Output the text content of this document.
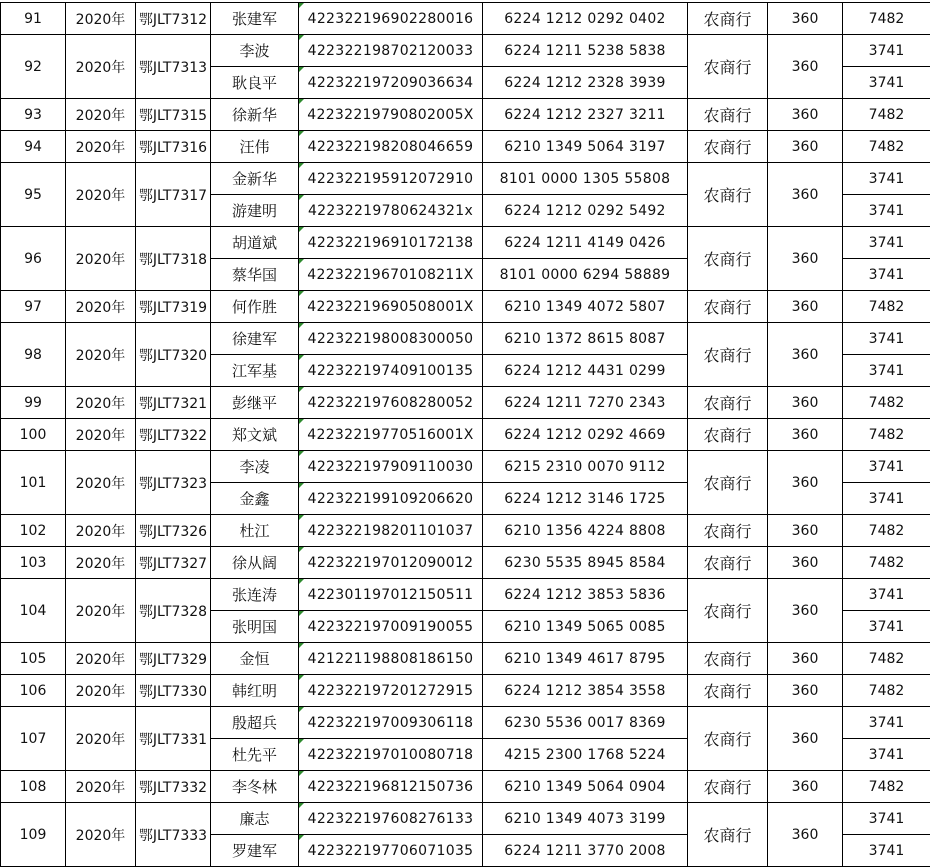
91	2020年	鄂JLT7312	张建军	422322196902280016	6224 1212 0292 0402	农商行	360	7482
92	2020年	鄂JLT7313	李波	422322198702120033	6224 1211 5238 5838	农商行	360	3741
			耿良平	422322197209036634	6224 1212 2328 3939			3741
93	2020年	鄂JLT7315	徐新华	42232219790802005X	6224 1212 2327 3211	农商行	360	7482
94	2020年	鄂JLT7316	汪伟	422322198208046659	6210 1349 5064 3197	农商行	360	7482
95	2020年	鄂JLT7317	金新华	422322195912072910	8101 0000 1305 55808	农商行	360	3741
			游建明	42232219780624321x	6224 1212 0292 5492			3741
96	2020年	鄂JLT7318	胡道斌	422322196910172138	6224 1211 4149 0426	农商行	360	3741
			蔡华国	42232219670108211X	8101 0000 6294 58889			3741
97	2020年	鄂JLT7319	何作胜	42232219690508001X	6210 1349 4072 5807	农商行	360	7482
98	2020年	鄂JLT7320	徐建军	422322198008300050	6210 1372 8615 8087	农商行	360	3741
			江军基	422322197409100135	6224 1212 4431 0299			3741
99	2020年	鄂JLT7321	彭继平	422322197608280052	6224 1211 7270 2343	农商行	360	7482
100	2020年	鄂JLT7322	郑文斌	42232219770516001X	6224 1212 0292 4669	农商行	360	7482
101	2020年	鄂JLT7323	李凌	422322197909110030	6215 2310 0070 9112	农商行	360	3741
			金鑫	422322199109206620	6224 1212 3146 1725			3741
102	2020年	鄂JLT7326	杜江	422322198201101037	6210 1356 4224 8808	农商行	360	7482
103	2020年	鄂JLT7327	徐从阔	422322197012090012	6230 5535 8945 8584	农商行	360	7482
104	2020年	鄂JLT7328	张连涛	422301197012150511	6224 1212 3853 5836	农商行	360	3741
			张明国	422322197009190055	6210 1349 5065 0085			3741
105	2020年	鄂JLT7329	金恒	421221198808186150	6210 1349 4617 8795	农商行	360	7482
106	2020年	鄂JLT7330	韩红明	422322197201272915	6224 1212 3854 3558	农商行	360	7482
107	2020年	鄂JLT7331	殷超兵	422322197009306118	6230 5536 0017 8369	农商行	360	3741
			杜先平	422322197010080718	4215 2300 1768 5224			3741
108	2020年	鄂JLT7332	李冬林	422322196812150736	6210 1349 5064 0904	农商行	360	7482
109	2020年	鄂JLT7333	廉志	422322197608276133	6210 1349 4073 3199	农商行	360	3741
			罗建军	422322197706071035	6224 1211 3770 2008			3741
